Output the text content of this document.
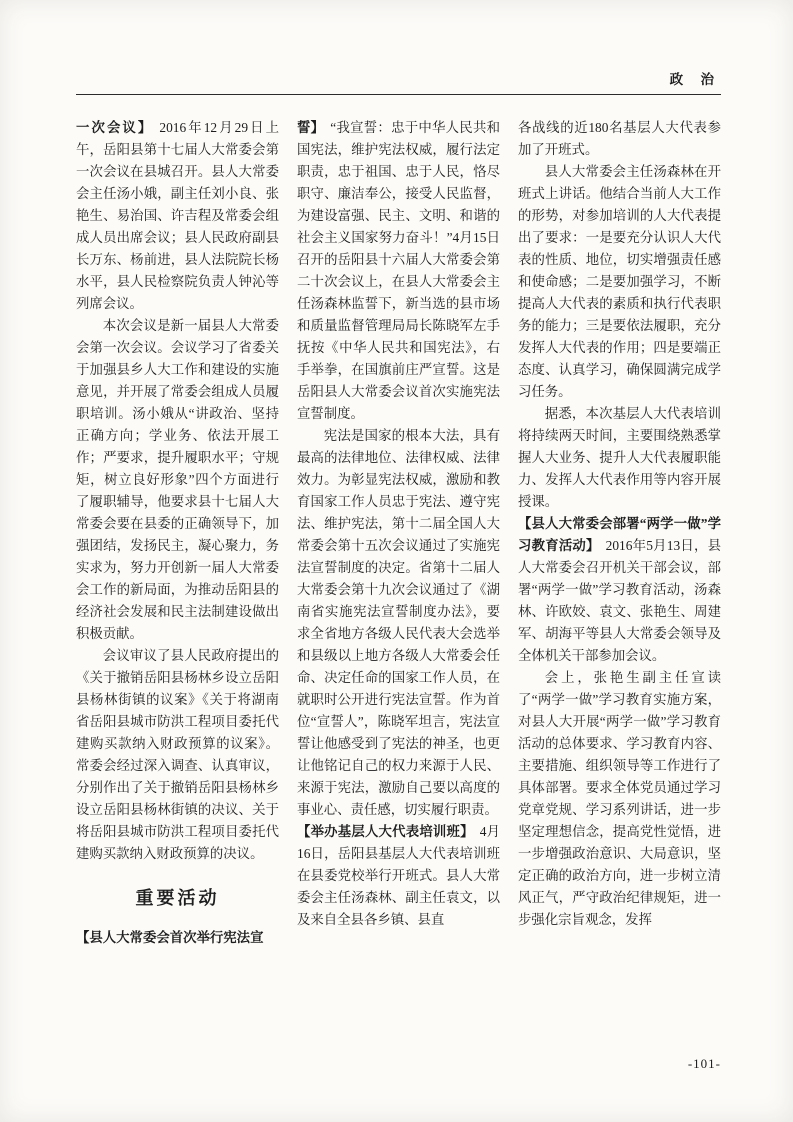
政 治

一次会议】 2016年12月29日上午，岳阳县第十七届人大常委会第一次会议在县城召开。县人大常委会主任汤小娥，副主任刘小良、张艳生、易治国、许吉程及常委会组成人员出席会议；县人民政府副县长万东、杨前进，县人法院院长杨水平，县人民检察院负责人钟沁等列席会议。

本次会议是新一届县人大常委会第一次会议。会议学习了省委关于加强县乡人大工作和建设的实施意见，并开展了常委会组成人员履职培训。汤小娥从“讲政治、坚持正确方向；学业务、依法开展工作；严要求，提升履职水平；守规矩，树立良好形象”四个方面进行了履职辅导，他要求县十七届人大常委会要在县委的正确领导下，加强团结，发扬民主，凝心聚力，务实求为，努力开创新一届人大常委会工作的新局面，为推动岳阳县的经济社会发展和民主法制建设做出积极贡献。

会议审议了县人民政府提出的《关于撤销岳阳县杨林乡设立岳阳县杨林街镇的议案》《关于将湖南省岳阳县城市防洪工程项目委托代建购买款纳入财政预算的议案》。常委会经过深入调查、认真审议，分别作出了关于撤销岳阳县杨林乡设立岳阳县杨林街镇的决议、关于将岳阳县城市防洪工程项目委托代建购买款纳入财政预算的决议。

重要活动

【县人大常委会首次举行宪法宣

誓】 “我宣誓：忠于中华人民共和国宪法，维护宪法权威，履行法定职责，忠于祖国、忠于人民，恪尽职守、廉洁奉公，接受人民监督，为建设富强、民主、文明、和谐的社会主义国家努力奋斗！”4月15日召开的岳阳县十六届人大常委会第二十次会议上，在县人大常委会主任汤森林监誓下，新当选的县市场和质量监督管理局局长陈晓军左手抚按《中华人民共和国宪法》，右手举拳，在国旗前庄严宣誓。这是岳阳县人大常委会议首次实施宪法宣誓制度。

宪法是国家的根本大法，具有最高的法律地位、法律权威、法律效力。为彰显宪法权威，激励和教育国家工作人员忠于宪法、遵守宪法、维护宪法，第十二届全国人大常委会第十五次会议通过了实施宪法宣誓制度的决定。省第十二届人大常委会第十九次会议通过了《湖南省实施宪法宣誓制度办法》，要求全省地方各级人民代表大会选举和县级以上地方各级人大常委会任命、决定任命的国家工作人员，在就职时公开进行宪法宣誓。作为首位“宣誓人”，陈晓军坦言，宪法宣誓让他感受到了宪法的神圣，也更让他铭记自己的权力来源于人民、来源于宪法，激励自己要以高度的事业心、责任感，切实履行职责。

【举办基层人大代表培训班】 4月16日，岳阳县基层人大代表培训班在县委党校举行开班式。县人大常委会主任汤森林、副主任袁文，以及来自全县各乡镇、县直

各战线的近180名基层人大代表参加了开班式。

县人大常委会主任汤森林在开班式上讲话。他结合当前人大工作的形势，对参加培训的人大代表提出了要求：一是要充分认识人大代表的性质、地位，切实增强责任感和使命感；二是要加强学习，不断提高人大代表的素质和执行代表职务的能力；三是要依法履职，充分发挥人大代表的作用；四是要端正态度、认真学习，确保圆满完成学习任务。

据悉，本次基层人大代表培训将持续两天时间，主要围绕熟悉掌握人大业务、提升人大代表履职能力、发挥人大代表作用等内容开展授课。

【县人大常委会部署“两学一做”学习教育活动】 2016年5月13日，县人大常委会召开机关干部会议，部署“两学一做”学习教育活动，汤森林、许欧姣、袁文、张艳生、周建军、胡海平等县人大常委会领导及全体机关干部参加会议。

会上，张艳生副主任宣读了“两学一做”学习教育实施方案，对县人大开展“两学一做”学习教育活动的总体要求、学习教育内容、主要措施、组织领导等工作进行了具体部署。要求全体党员通过学习党章党规、学习系列讲话，进一步坚定理想信念，提高党性觉悟，进一步增强政治意识、大局意识，坚定正确的政治方向，进一步树立清风正气，严守政治纪律规矩，进一步强化宗旨观念，发挥

-101-
